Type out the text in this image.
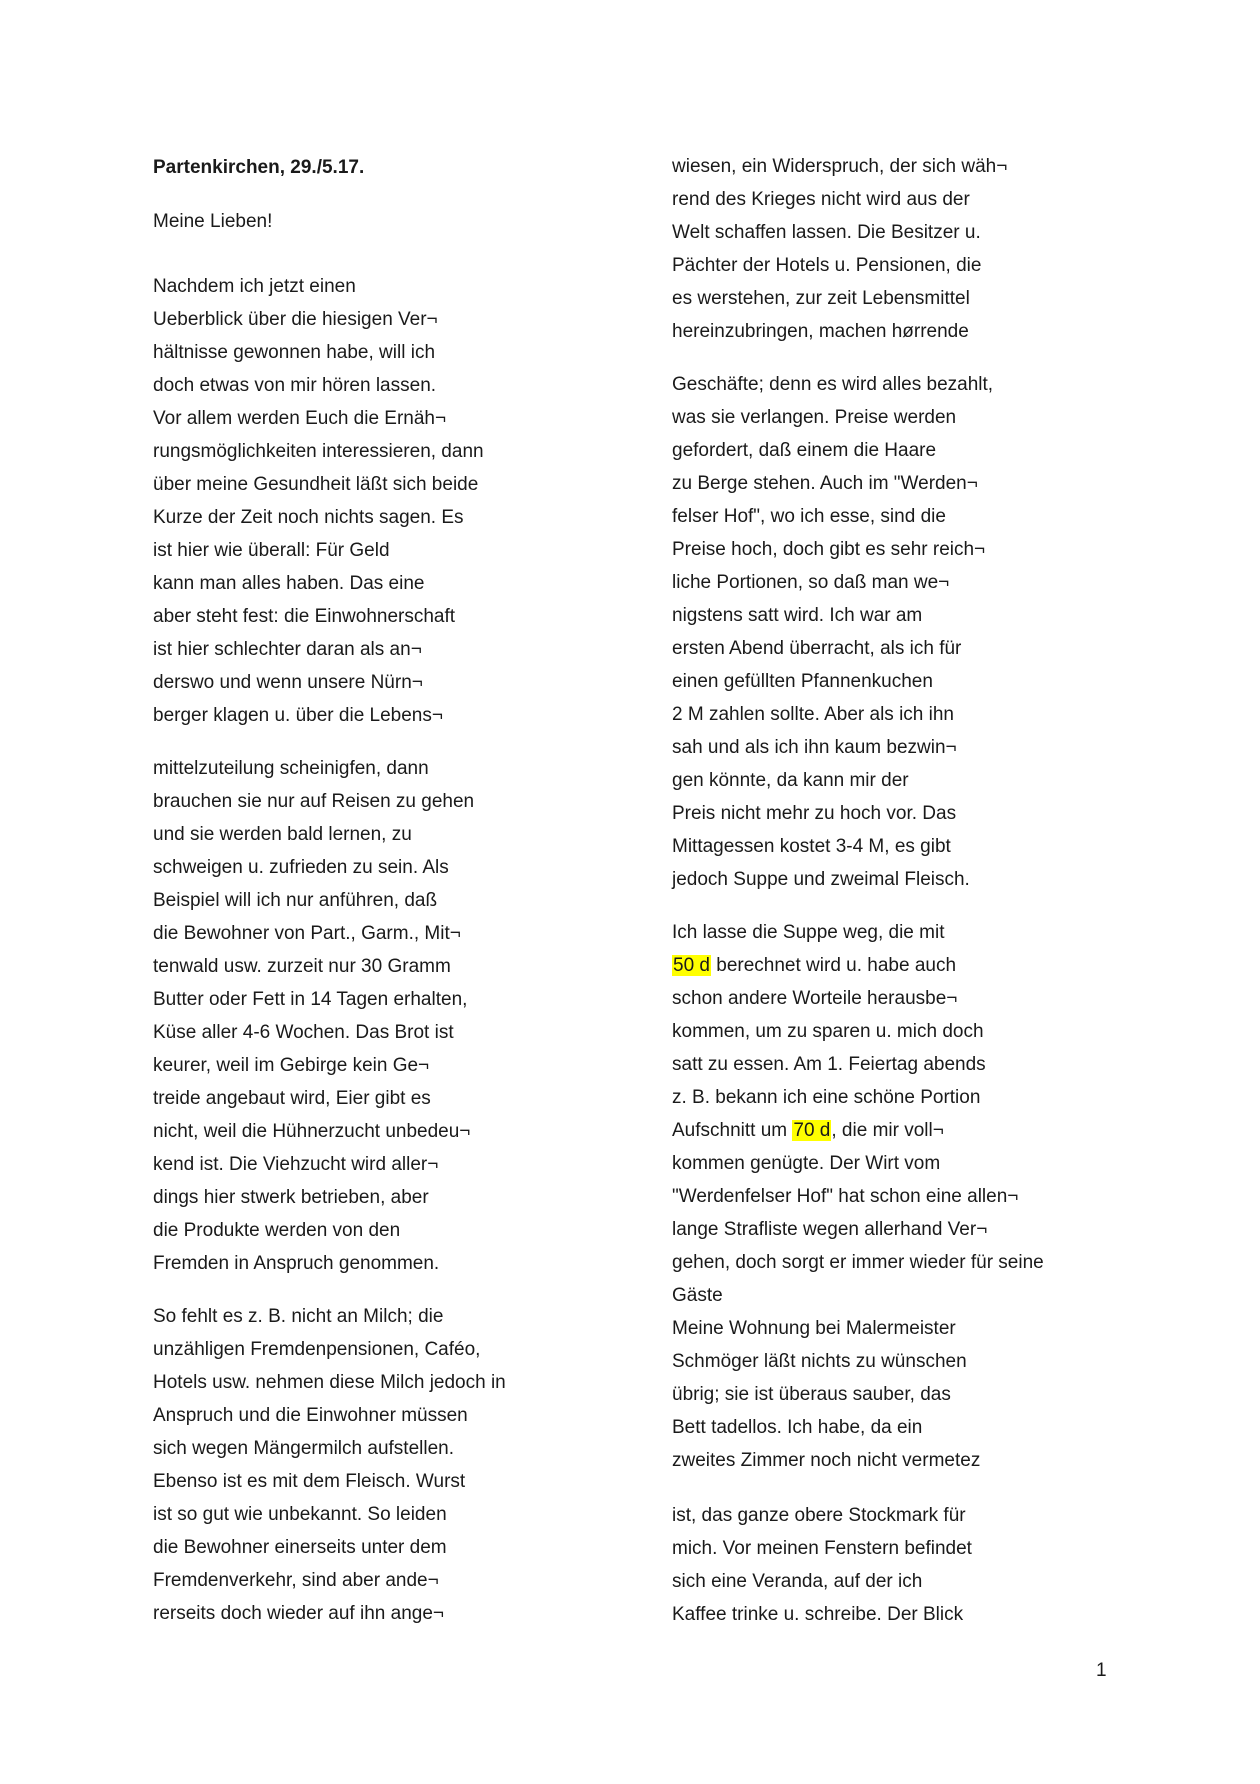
Partenkirchen, 29./5.17.
Meine Lieben!
Nachdem ich jetzt einen
Ueberblick über die hiesigen Ver¬
hältnisse gewonnen habe, will ich
doch etwas von mir hören lassen.
Vor allem werden Euch die Ernäh¬
rungsmöglichkeiten interessieren, dann
über meine Gesundheit läßt sich beide
Kurze der Zeit noch nichts sagen. Es
ist hier wie überall: Für Geld
kann man alles haben. Das eine
aber steht fest: die Einwohnerschaft
ist hier schlechter daran als an¬
derswo und wenn unsere Nürn¬
berger klagen u. über die Lebens¬
mittelzuteilung scheinigfen, dann
brauchen sie nur auf Reisen zu gehen
und sie werden bald lernen, zu
schweigen u. zufrieden zu sein. Als
Beispiel will ich nur anführen, daß
die Bewohner von Part., Garm., Mit¬
tenwald usw. zurzeit nur 30 Gramm
Butter oder Fett in 14 Tagen erhalten,
Küse aller 4-6 Wochen. Das Brot ist
keurer, weil im Gebirge kein Ge¬
treide angebaut wird, Eier gibt es
nicht, weil die Hühnerzucht unbedeu¬
kend ist. Die Viehzucht wird aller¬
dings hier stwerk betrieben, aber
die Produkte werden von den
Fremden in Anspruch genommen.
So fehlt es z. B. nicht an Milch; die
unzähligen Fremdenpensionen, Caféo,
Hotels usw. nehmen diese Milch jedoch in
Anspruch und die Einwohner müssen
sich wegen Mängermilch aufstellen.
Ebenso ist es mit dem Fleisch. Wurst
ist so gut wie unbekannt. So leiden
die Bewohner einerseits unter dem
Fremdenverkehr, sind aber ande¬
rerseits doch wieder auf ihn ange¬
wiesen, ein Widerspruch, der sich wäh¬
rend des Krieges nicht wird aus der
Welt schaffen lassen. Die Besitzer u.
Pächter der Hotels u. Pensionen, die
es werstehen, zur zeit Lebensmittel
hereinzubringen, machen hørrende
Geschäfte; denn es wird alles bezahlt,
was sie verlangen. Preise werden
gefordert, daß einem die Haare
zu Berge stehen. Auch im "Werden¬
felser Hof", wo ich esse, sind die
Preise hoch, doch gibt es sehr reich¬
liche Portionen, so daß man we¬
nigstens satt wird. Ich war am
ersten Abend überracht, als ich für
einen gefüllten Pfannenkuchen
2 M zahlen sollte. Aber als ich ihn
sah und als ich ihn kaum bezwin¬
gen könnte, da kann mir der
Preis nicht mehr zu hoch vor. Das
Mittagessen kostet 3-4 M, es gibt
jedoch Suppe und zweimal Fleisch.
Ich lasse die Suppe weg, die mit
50 d berechnet wird u. habe auch
schon andere Worteile herausbe¬
kommen, um zu sparen u. mich doch
satt zu essen. Am 1. Feiertag abends
z. B. bekann ich eine schöne Portion
Aufschnitt um 70 d, die mir voll¬
kommen genügte. Der Wirt vom
"Werdenfelser Hof" hat schon eine allen¬
lange Strafliste wegen allerhand Ver¬
gehen, doch sorgt er immer wieder für seine
Gäste
Meine Wohnung bei Malermeister
Schmöger läßt nichts zu wünschen
übrig; sie ist überaus sauber, das
Bett tadellos. Ich habe, da ein
zweites Zimmer noch nicht vermetez
ist, das ganze obere Stockmark für
mich. Vor meinen Fenstern befindet
sich eine Veranda, auf der ich
Kaffee trinke u. schreibe. Der Blick
1
